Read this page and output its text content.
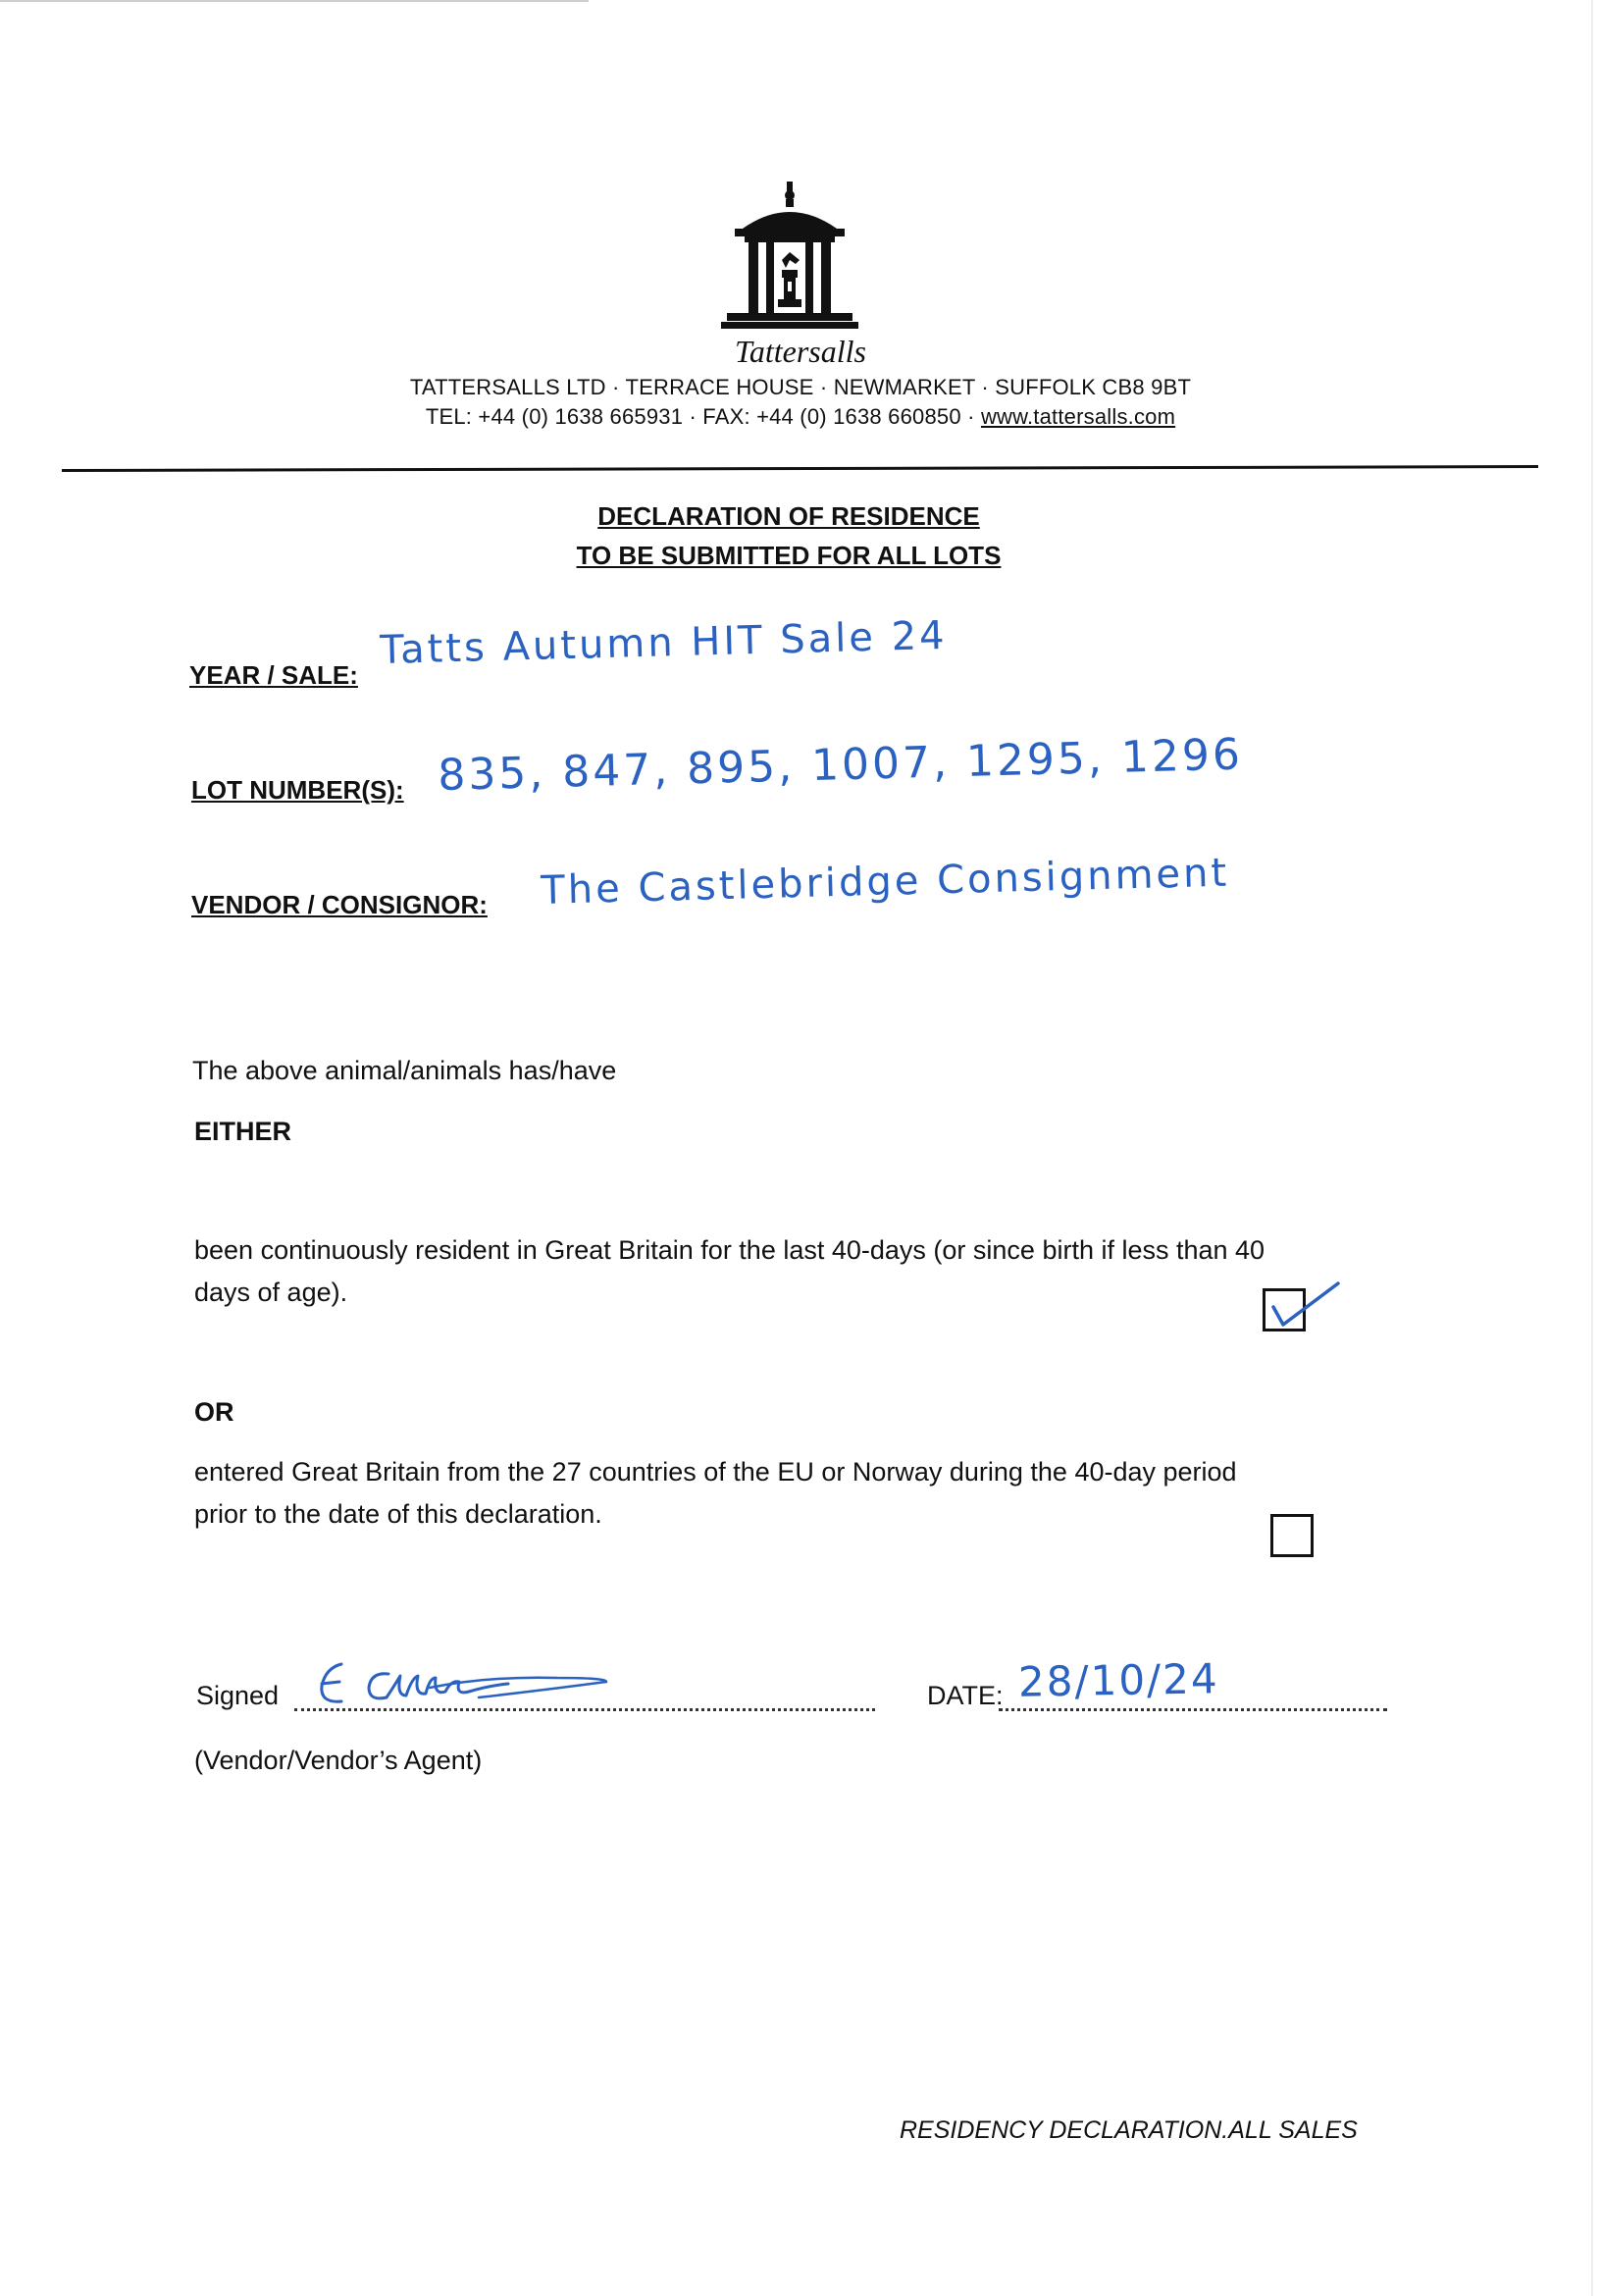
Tattersalls
TATTERSALLS LTD · TERRACE HOUSE · NEWMARKET · SUFFOLK CB8 9BT
TEL: +44 (0) 1638 665931 · FAX: +44 (0) 1638 660850 · www.tattersalls.com
DECLARATION OF RESIDENCE
TO BE SUBMITTED FOR ALL LOTS
YEAR / SALE:
Tatts Autumn HIT Sale 24
LOT NUMBER(S): 835, 847, 895, 1007, 1295, 1296
VENDOR / CONSIGNOR: The Castlebridge Consignment
The above animal/animals has/have
EITHER
been continuously resident in Great Britain for the last 40-days (or since birth if less than 40
days of age).
OR
entered Great Britain from the 27 countries of the EU or Norway during the 40-day period
prior to the date of this declaration.
Signed	DATE: 28/10/24
(Vendor/Vendor’s Agent)
RESIDENCY DECLARATION.ALL SALES
